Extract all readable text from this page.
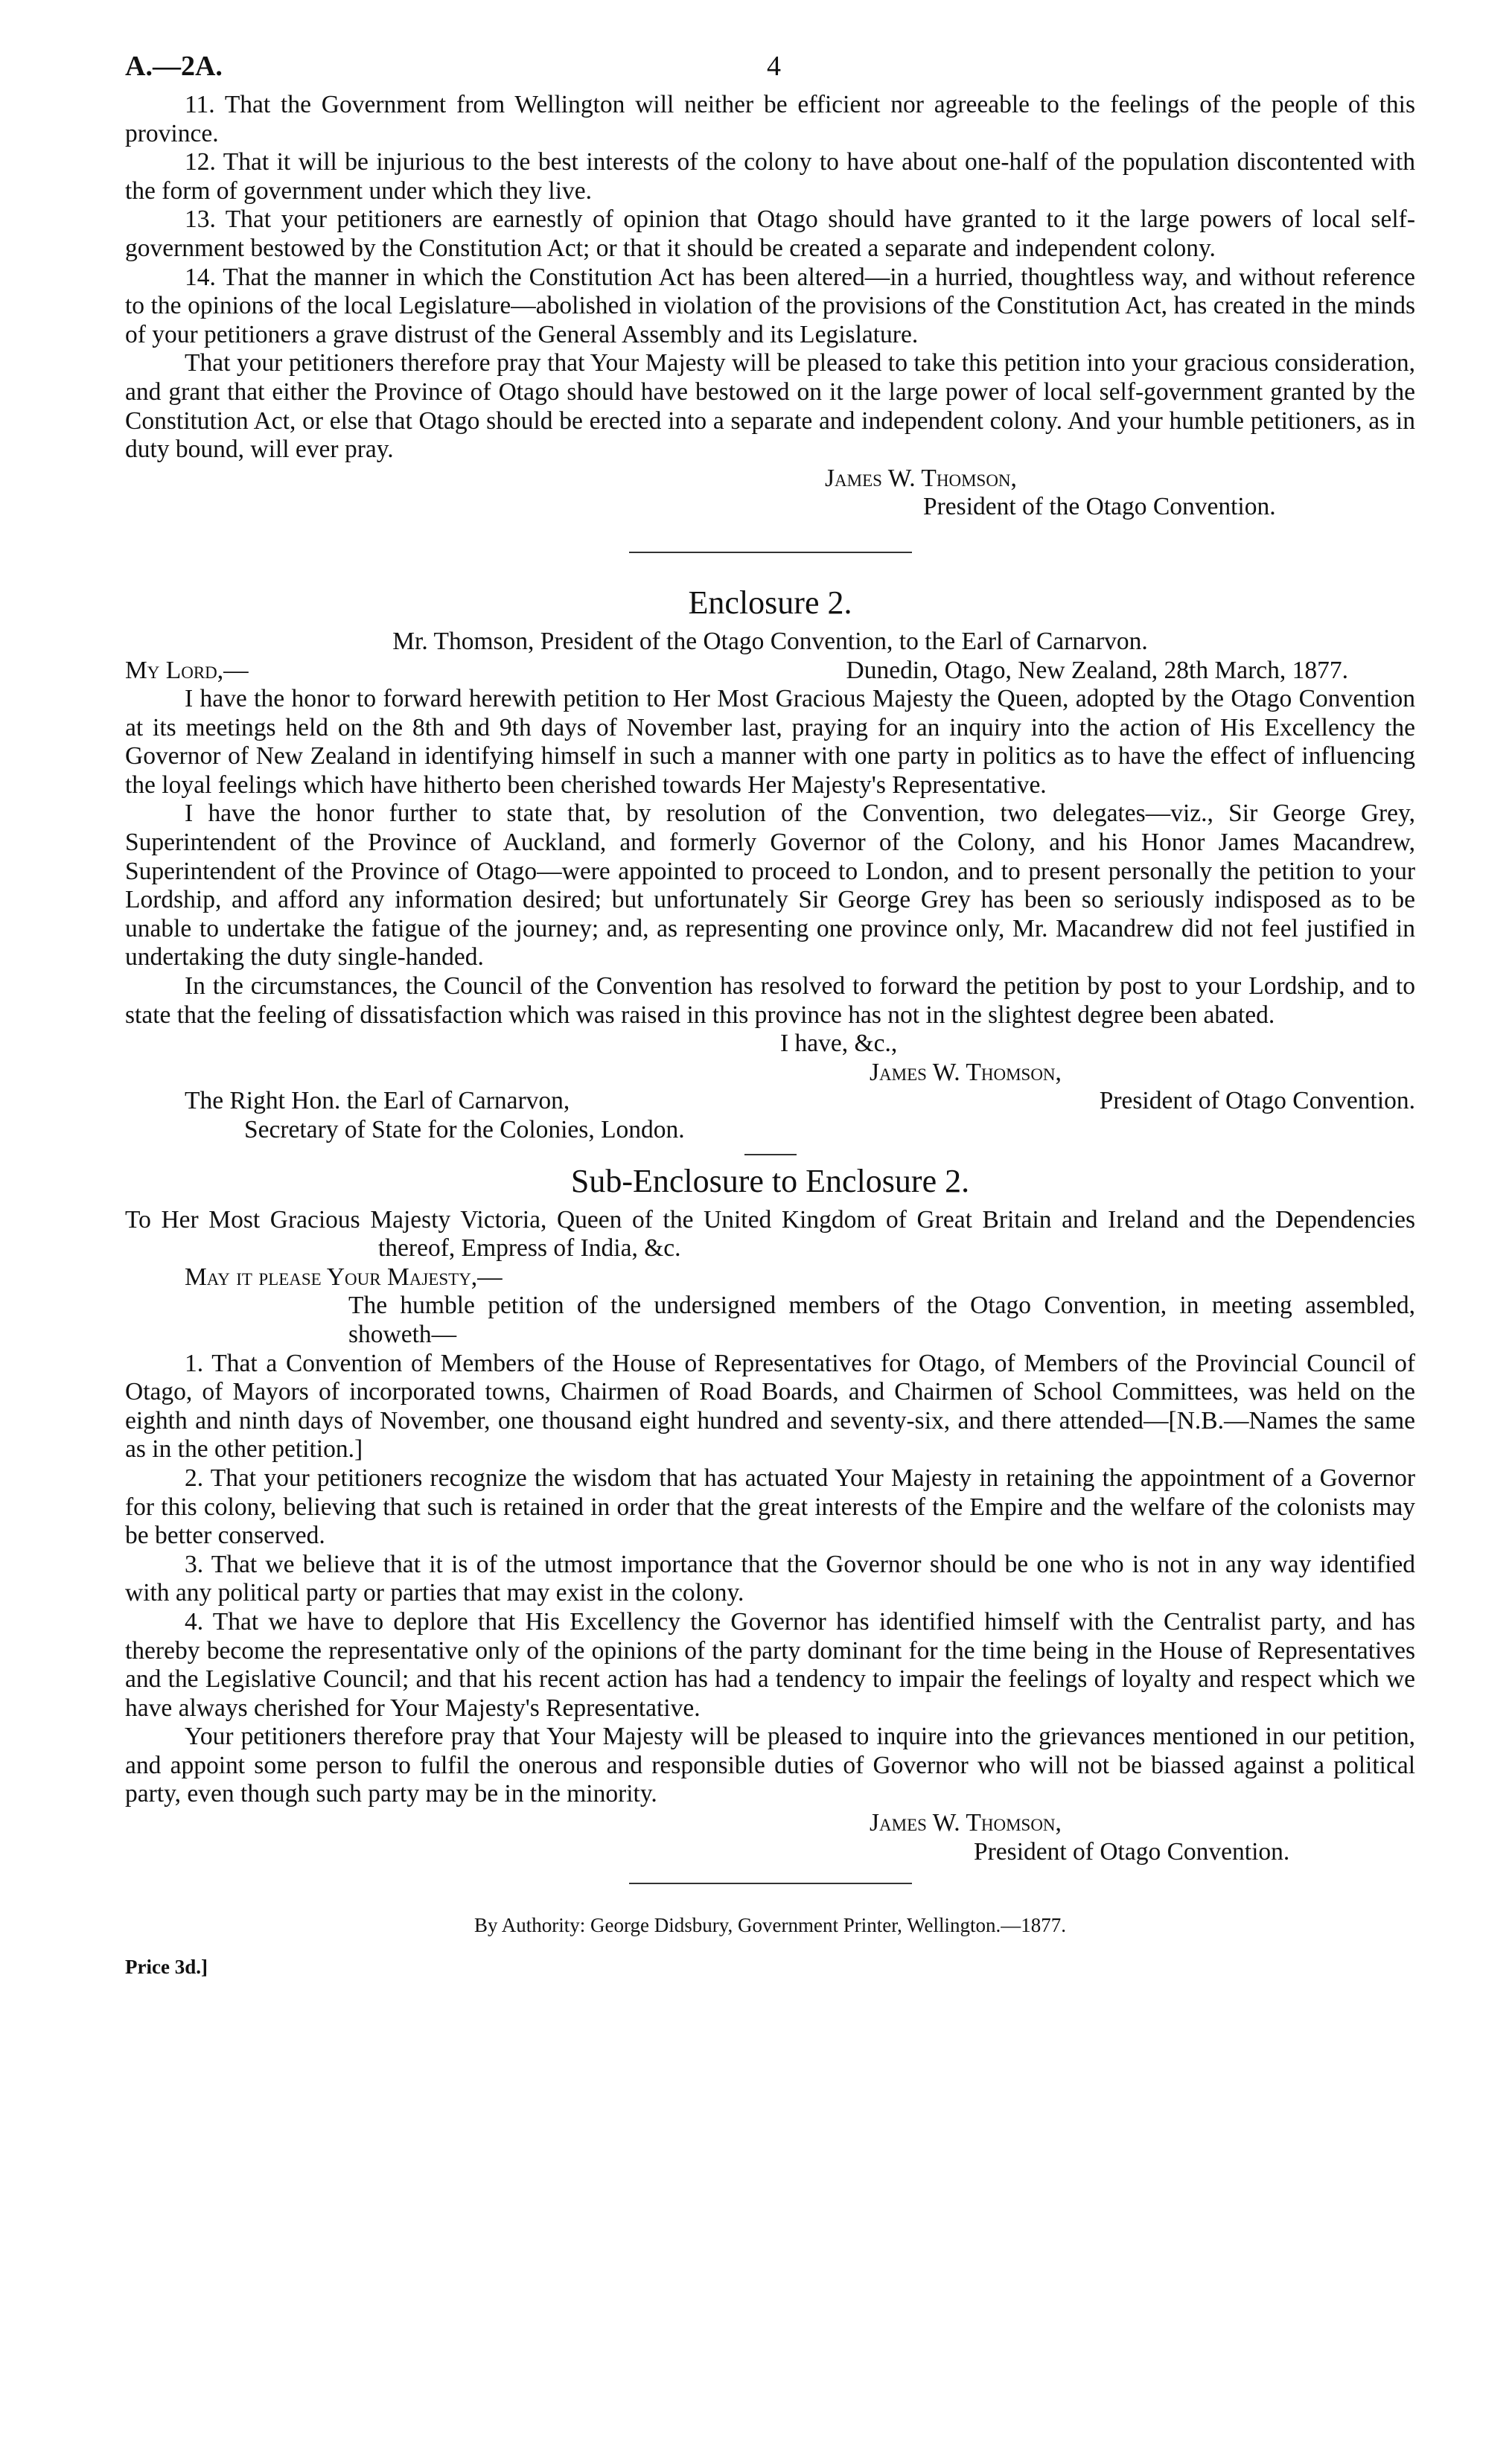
A.—2A.	4

11. That the Government from Wellington will neither be efficient nor agreeable to the feelings of the people of this province.

12. That it will be injurious to the best interests of the colony to have about one-half of the population discontented with the form of government under which they live.

13. That your petitioners are earnestly of opinion that Otago should have granted to it the large powers of local self-government bestowed by the Constitution Act; or that it should be created a separate and independent colony.

14. That the manner in which the Constitution Act has been altered—in a hurried, thoughtless way, and without reference to the opinions of the local Legislature—abolished in violation of the provisions of the Constitution Act, has created in the minds of your petitioners a grave distrust of the General Assembly and its Legislature.

That your petitioners therefore pray that Your Majesty will be pleased to take this petition into your gracious consideration, and grant that either the Province of Otago should have bestowed on it the large power of local self-government granted by the Constitution Act, or else that Otago should be erected into a separate and independent colony. And your humble petitioners, as in duty bound, will ever pray.

James W. Thomson,

President of the Otago Convention.

Enclosure 2.

Mr. Thomson, President of the Otago Convention, to the Earl of Carnarvon.

My Lord,—	Dunedin, Otago, New Zealand, 28th March, 1877.

I have the honor to forward herewith petition to Her Most Gracious Majesty the Queen, adopted by the Otago Convention at its meetings held on the 8th and 9th days of November last, praying for an inquiry into the action of His Excellency the Governor of New Zealand in identifying himself in such a manner with one party in politics as to have the effect of influencing the loyal feelings which have hitherto been cherished towards Her Majesty's Representative.

I have the honor further to state that, by resolution of the Convention, two delegates—viz., Sir George Grey, Superintendent of the Province of Auckland, and formerly Governor of the Colony, and his Honor James Macandrew, Superintendent of the Province of Otago—were appointed to proceed to London, and to present personally the petition to your Lordship, and afford any information desired; but unfortunately Sir George Grey has been so seriously indisposed as to be unable to undertake the fatigue of the journey; and, as representing one province only, Mr. Macandrew did not feel justified in undertaking the duty single-handed.

In the circumstances, the Council of the Convention has resolved to forward the petition by post to your Lordship, and to state that the feeling of dissatisfaction which was raised in this province has not in the slightest degree been abated.

I have, &c.,

James W. Thomson,

The Right Hon. the Earl of Carnarvon,	President of Otago Convention.

Secretary of State for the Colonies, London.

Sub-Enclosure to Enclosure 2.

To Her Most Gracious Majesty Victoria, Queen of the United Kingdom of Great Britain and Ireland and the Dependencies thereof, Empress of India, &c.

May it please Your Majesty,—

The humble petition of the undersigned members of the Otago Convention, in meeting assembled, showeth—

1. That a Convention of Members of the House of Representatives for Otago, of Members of the Provincial Council of Otago, of Mayors of incorporated towns, Chairmen of Road Boards, and Chairmen of School Committees, was held on the eighth and ninth days of November, one thousand eight hundred and seventy-six, and there attended—[N.B.—Names the same as in the other petition.]

2. That your petitioners recognize the wisdom that has actuated Your Majesty in retaining the appointment of a Governor for this colony, believing that such is retained in order that the great interests of the Empire and the welfare of the colonists may be better conserved.

3. That we believe that it is of the utmost importance that the Governor should be one who is not in any way identified with any political party or parties that may exist in the colony.

4. That we have to deplore that His Excellency the Governor has identified himself with the Centralist party, and has thereby become the representative only of the opinions of the party dominant for the time being in the House of Representatives and the Legislative Council; and that his recent action has had a tendency to impair the feelings of loyalty and respect which we have always cherished for Your Majesty's Representative.

Your petitioners therefore pray that Your Majesty will be pleased to inquire into the grievances mentioned in our petition, and appoint some person to fulfil the onerous and responsible duties of Governor who will not be biassed against a political party, even though such party may be in the minority.

James W. Thomson,

President of Otago Convention.

By Authority: George Didsbury, Government Printer, Wellington.—1877.

Price 3d.]
